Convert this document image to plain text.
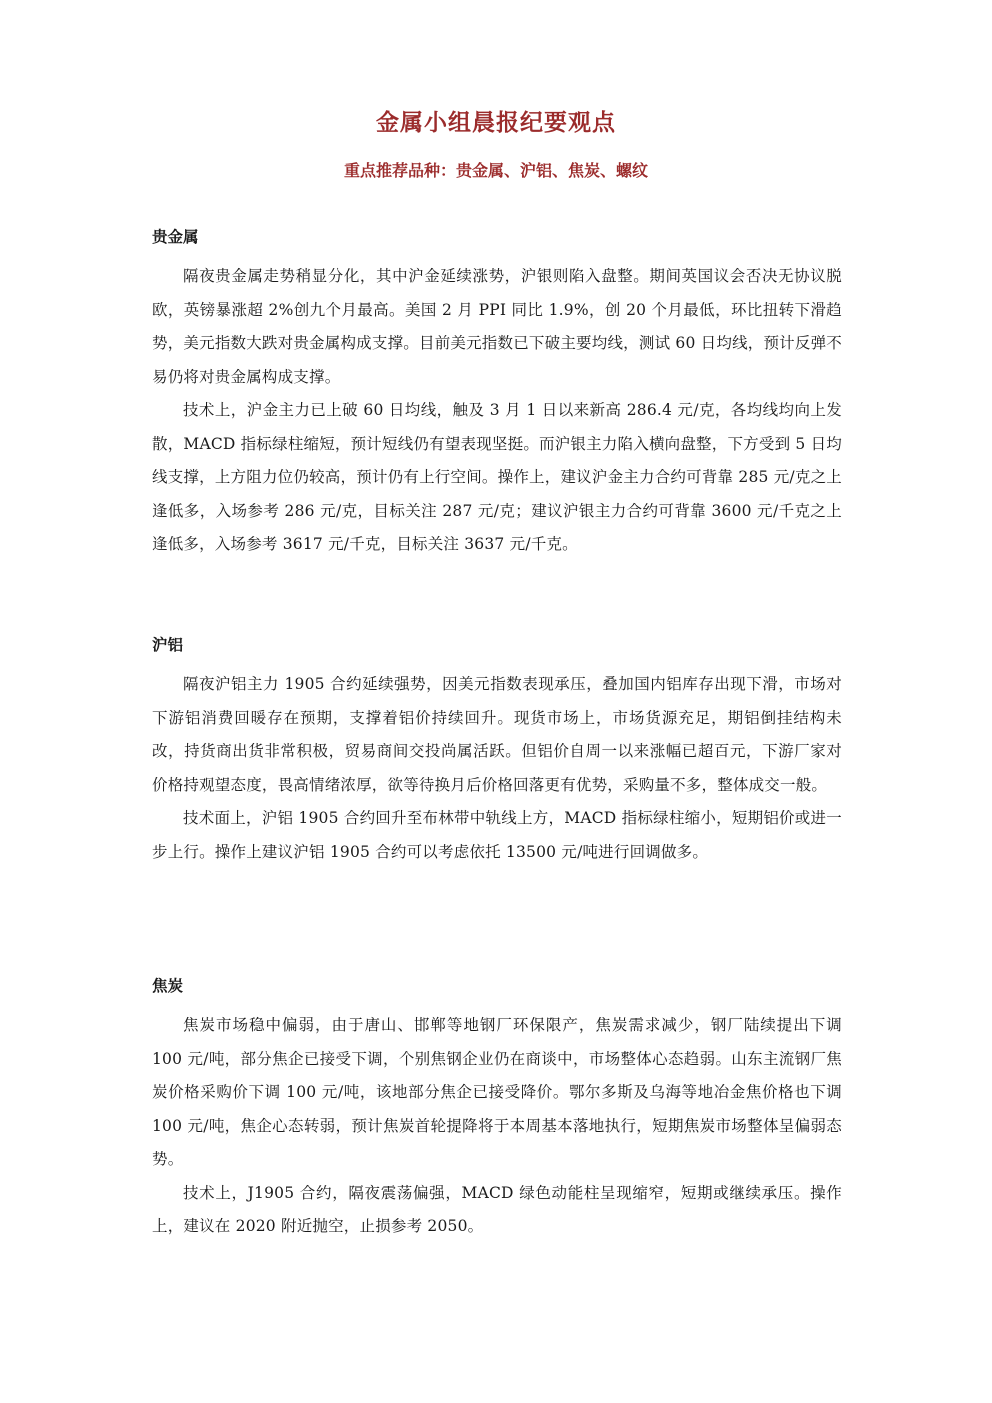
金属小组晨报纪要观点
重点推荐品种：贵金属、沪铝、焦炭、螺纹
贵金属

隔夜贵金属走势稍显分化，其中沪金延续涨势，沪银则陷入盘整。期间英国议会否决无协议脱欧，英镑暴涨超 2%创九个月最高。美国 2 月 PPI 同比 1.9%，创 20 个月最低，环比扭转下滑趋势，美元指数大跌对贵金属构成支撑。目前美元指数已下破主要均线，测试 60 日均线，预计反弹不易仍将对贵金属构成支撑。

技术上，沪金主力已上破 60 日均线，触及 3 月 1 日以来新高 286.4 元/克，各均线均向上发散，MACD 指标绿柱缩短，预计短线仍有望表现坚挺。而沪银主力陷入横向盘整，下方受到 5 日均线支撑，上方阻力位仍较高，预计仍有上行空间。操作上，建议沪金主力合约可背靠 285 元/克之上逢低多，入场参考 286 元/克，目标关注 287 元/克；建议沪银主力合约可背靠 3600 元/千克之上逢低多，入场参考 3617 元/千克，目标关注 3637 元/千克。

沪铝

隔夜沪铝主力 1905 合约延续强势，因美元指数表现承压，叠加国内铝库存出现下滑，市场对下游铝消费回暖存在预期，支撑着铝价持续回升。现货市场上，市场货源充足，期铝倒挂结构未改，持货商出货非常积极，贸易商间交投尚属活跃。但铝价自周一以来涨幅已超百元，下游厂家对价格持观望态度，畏高情绪浓厚，欲等待换月后价格回落更有优势，采购量不多，整体成交一般。

技术面上，沪铝 1905 合约回升至布林带中轨线上方，MACD 指标绿柱缩小，短期铝价或进一步上行。操作上建议沪铝 1905 合约可以考虑依托 13500 元/吨进行回调做多。

焦炭

焦炭市场稳中偏弱，由于唐山、邯郸等地钢厂环保限产，焦炭需求减少，钢厂陆续提出下调 100 元/吨，部分焦企已接受下调，个别焦钢企业仍在商谈中，市场整体心态趋弱。山东主流钢厂焦炭价格采购价下调 100 元/吨，该地部分焦企已接受降价。鄂尔多斯及乌海等地冶金焦价格也下调 100 元/吨，焦企心态转弱，预计焦炭首轮提降将于本周基本落地执行，短期焦炭市场整体呈偏弱态势。

技术上，J1905 合约，隔夜震荡偏强，MACD 绿色动能柱呈现缩窄，短期或继续承压。操作上，建议在 2020 附近抛空，止损参考 2050。
